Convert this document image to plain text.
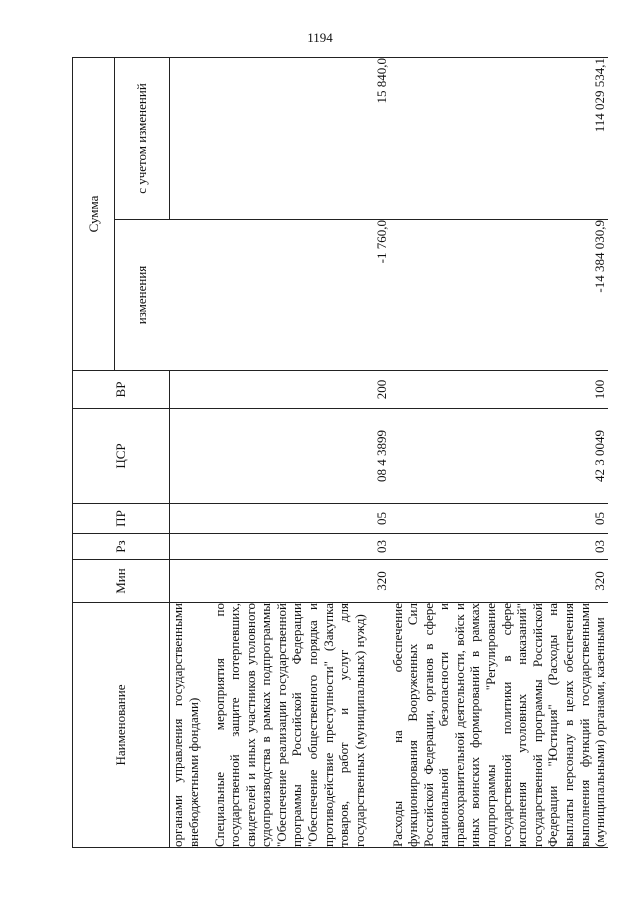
1194
Наименование	Мин	Рз	ПР	ЦСР	ВР	Сумма	
						изменения	с учетом изменений
органами управления государственными внебюджетными фондами)							
Специальные мероприятия по государственной защите потерпевших, свидетелей и иных участников уголовного судопроизводства в рамках подпрограммы "Обеспечение реализации государственной программы Российской Федерации "Обеспечение общественного порядка и противодействие преступности" (Закупка товаров, работ и услуг для государственных (муниципальных) нужд)	320	03	05	08 4 3899	200	-1 760,0	15 840,0
Расходы на обеспечение функционирования Вооруженных Сил Российской Федерации, органов в сфере национальной безопасности и правоохранительной деятельности, войск и иных воинских формирований в рамках подпрограммы "Регулирование государственной политики в сфере исполнения уголовных наказаний" государственной программы Российской Федерации "Юстиция" (Расходы на выплаты персоналу в целях обеспечения выполнения функций государственными (муниципальными) органами, казенными	320	03	05	42 3 0049	100	-14 384 030,9	114 029 534,1
